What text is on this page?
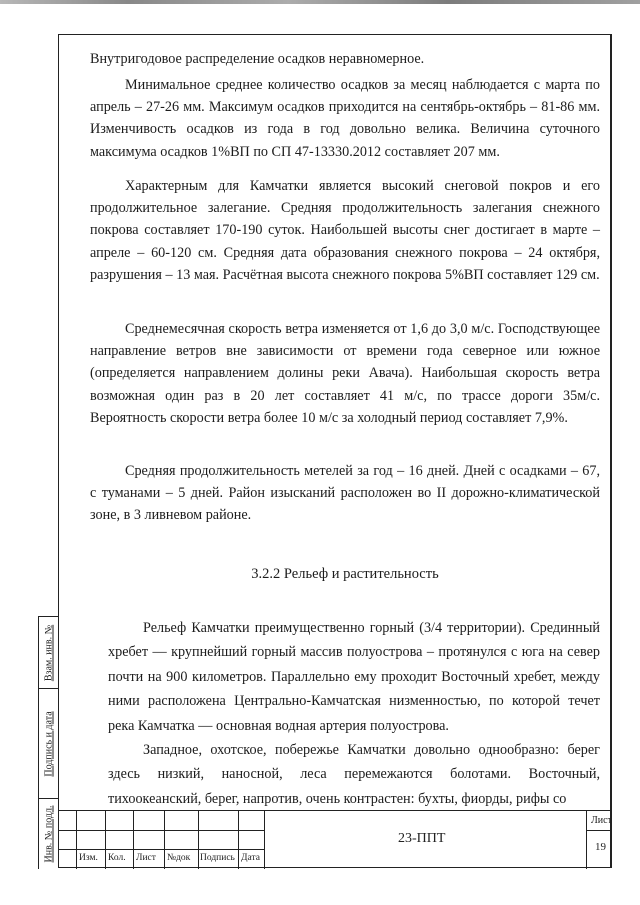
Внутригодовое распределение осадков неравномерное.

Минимальное среднее количество осадков за месяц наблюдается с марта по апрель – 27-26 мм. Максимум осадков приходится на сентябрь-октябрь – 81-86 мм. Изменчивость осадков из года в год довольно велика. Величина суточного максимума осадков 1%ВП по СП 47-13330.2012 составляет 207 мм.

Характерным для Камчатки является высокий снеговой покров и его продолжительное залегание. Средняя продолжительность залегания снежного покрова составляет 170-190 суток. Наибольшей высоты снег достигает в марте – апреле – 60-120 см. Средняя дата образования снежного покрова – 24 октября, разрушения – 13 мая. Расчётная высота снежного покрова 5%ВП составляет 129 см.

Среднемесячная скорость ветра изменяется от 1,6 до 3,0 м/с. Господствующее направление ветров вне зависимости от времени года северное или южное (определяется направлением долины реки Авача). Наибольшая скорость ветра возможная один раз в 20 лет составляет 41 м/с, по трассе дороги 35м/с. Вероятность скорости ветра более 10 м/с за холодный период составляет 7,9%.

Средняя продолжительность метелей за год – 16 дней. Дней с осадками – 67, с туманами – 5 дней. Район изысканий расположен во II дорожно-климатической зоне, в 3 ливневом районе.

3.2.2 Рельеф и растительность

Рельеф Камчатки преимущественно горный (3/4 территории). Срединный хребет — крупнейший горный массив полуострова – протянулся с юга на север почти на 900 километров. Параллельно ему проходит Восточный хребет, между ними расположена Центрально-Камчатская низменностью, по которой течет река Камчатка — основная водная артерия полуострова.

Западное, охотское, побережье Камчатки довольно однообразно: берег здесь низкий, наносной, леса перемежаются болотами. Восточный, тихоокеанский, берег, напротив, очень контрастен: бухты, фиорды, рифы со

Взам. инв. №
Подпись и дата
Инв. № подл.	Изм. Кол. Лист №док Подпись Дата
23-ППТ
Лист
19
